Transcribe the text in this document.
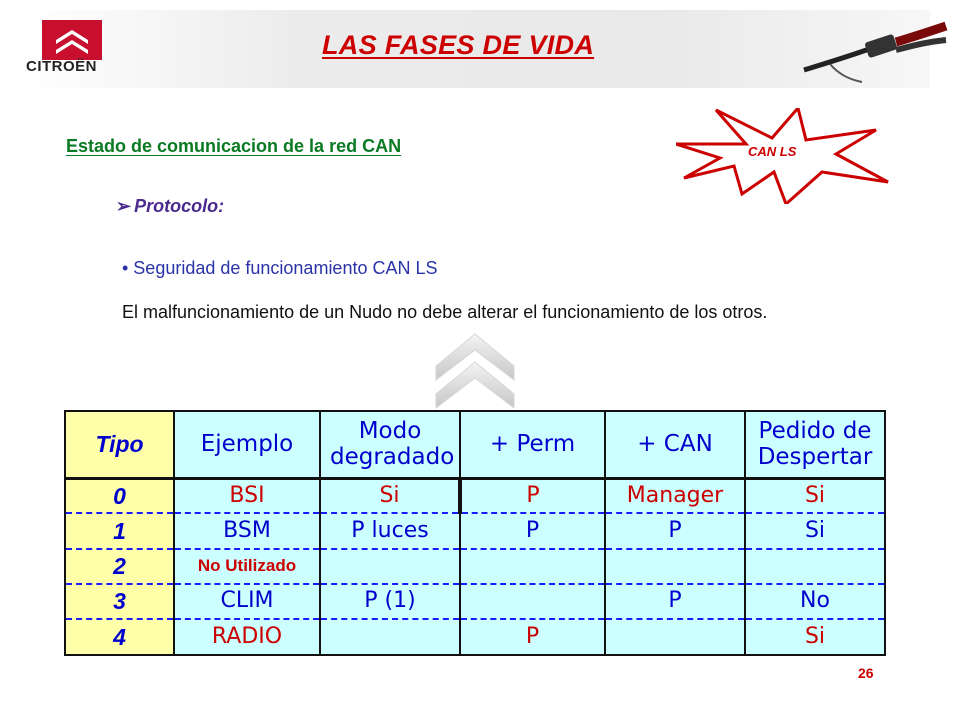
CITROËN
LAS FASES DE VIDA
Estado de comunicacion de la red CAN	CAN LS
➢ Protocolo:
• Seguridad de funcionamiento CAN LS
El malfuncionamiento de un Nudo no debe alterar el funcionamiento de los otros.
Tipo	Ejemplo	Modo degradado	+ Perm	+ CAN	Pedido de Despertar
0	BSI	Si	P	Manager	Si
1	BSM	P luces	P	P	Si
2	No Utilizado				
3	CLIM	P (1)		P	No
4	RADIO		P		Si
26
